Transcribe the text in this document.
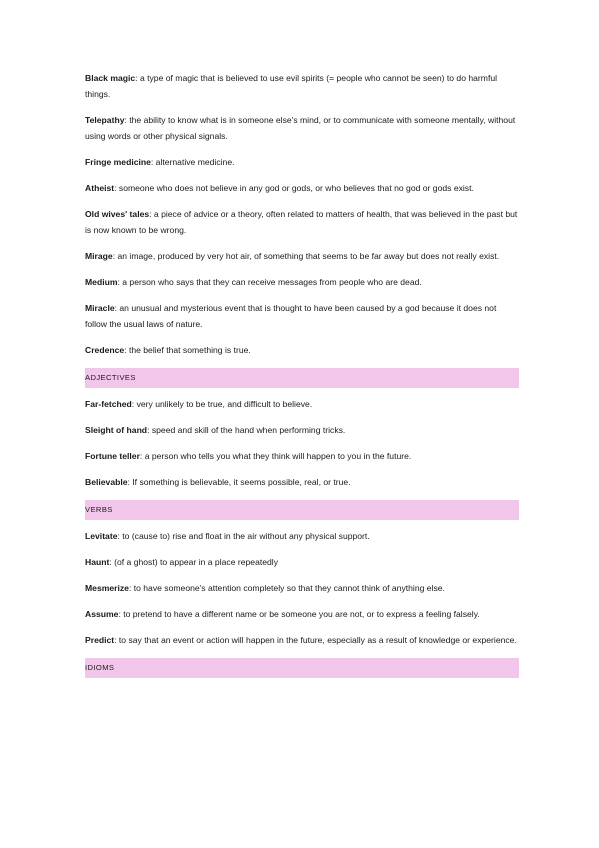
Black magic: a type of magic that is believed to use evil spirits (= people who cannot be seen) to do harmful things.

Telepathy: the ability to know what is in someone else's mind, or to communicate with someone mentally, without using words or other physical signals.

Fringe medicine: alternative medicine.

Atheist: someone who does not believe in any god or gods, or who believes that no god or gods exist.

Old wives' tales: a piece of advice or a theory, often related to matters of health, that was believed in the past but is now known to be wrong.

Mirage: an image, produced by very hot air, of something that seems to be far away but does not really exist.

Medium: a person who says that they can receive messages from people who are dead.

Miracle: an unusual and mysterious event that is thought to have been caused by a god because it does not follow the usual laws of nature.

Credence: the belief that something is true.

ADJECTIVES

Far-fetched: very unlikely to be true, and difficult to believe.

Sleight of hand: speed and skill of the hand when performing tricks.

Fortune teller: a person who tells you what they think will happen to you in the future.

Believable: If something is believable, it seems possible, real, or true.

VERBS

Levitate: to (cause to) rise and float in the air without any physical support.

Haunt: (of a ghost) to appear in a place repeatedly

Mesmerize: to have someone's attention completely so that they cannot think of anything else.

Assume: to pretend to have a different name or be someone you are not, or to express a feeling falsely.

Predict: to say that an event or action will happen in the future, especially as a result of knowledge or experience.

IDIOMS
